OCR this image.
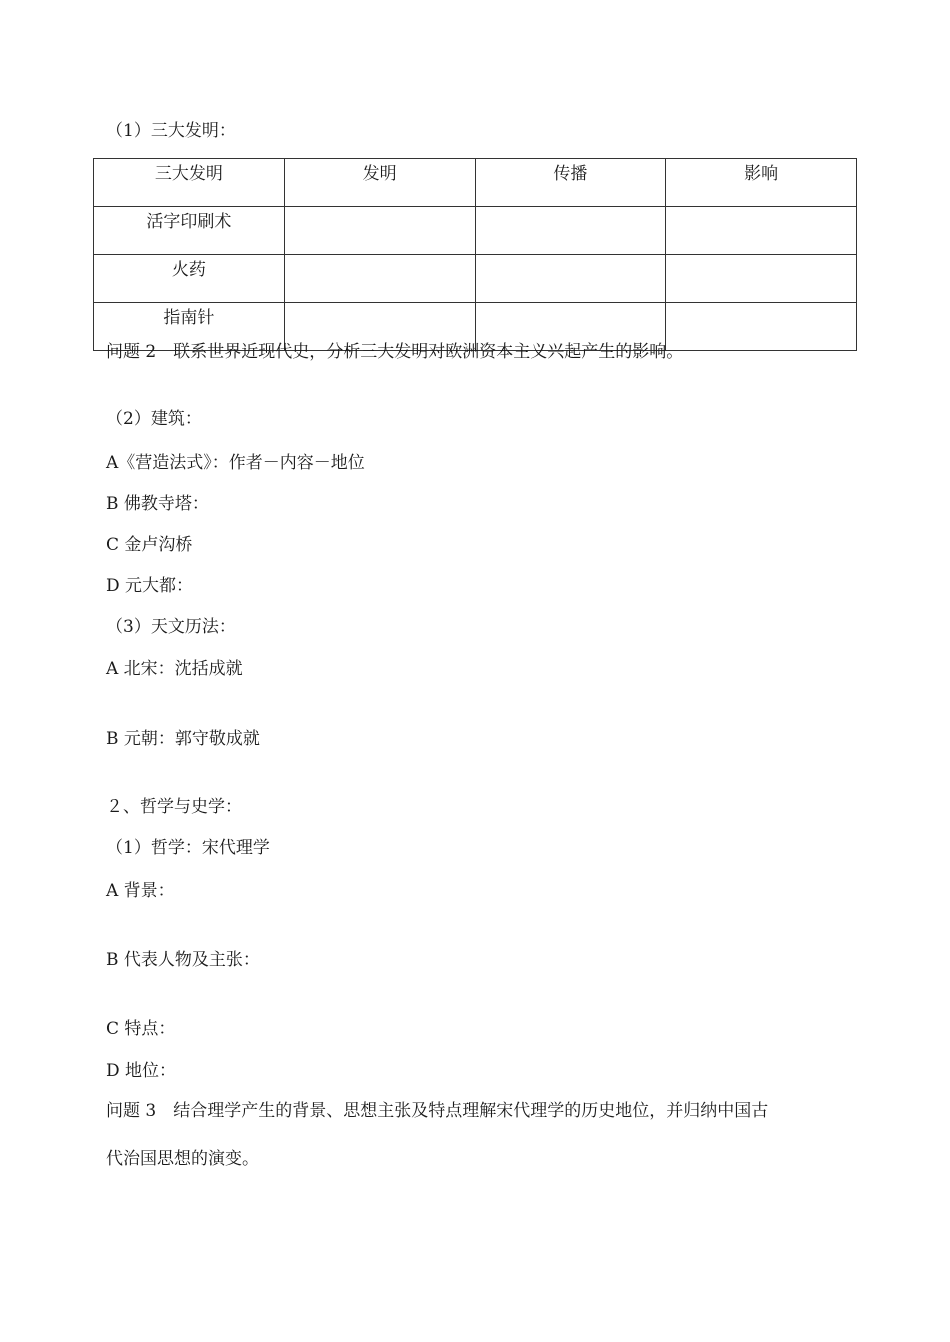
（1）三大发明：
三大发明	发明	传播	影响
活字印刷术			
火药			
指南针			
问题 2　联系世界近现代史，分析三大发明对欧洲资本主义兴起产生的影响。
（2）建筑：
A《营造法式》：作者－内容－地位
B 佛教寺塔：
C 金卢沟桥
D 元大都：
（3）天文历法：
A 北宋：沈括成就
B 元朝：郭守敬成就
２、哲学与史学：
（1）哲学：宋代理学
A 背景：
B 代表人物及主张：
C 特点：
D 地位：
问题 3　结合理学产生的背景、思想主张及特点理解宋代理学的历史地位，并归纳中国古
代治国思想的演变。
